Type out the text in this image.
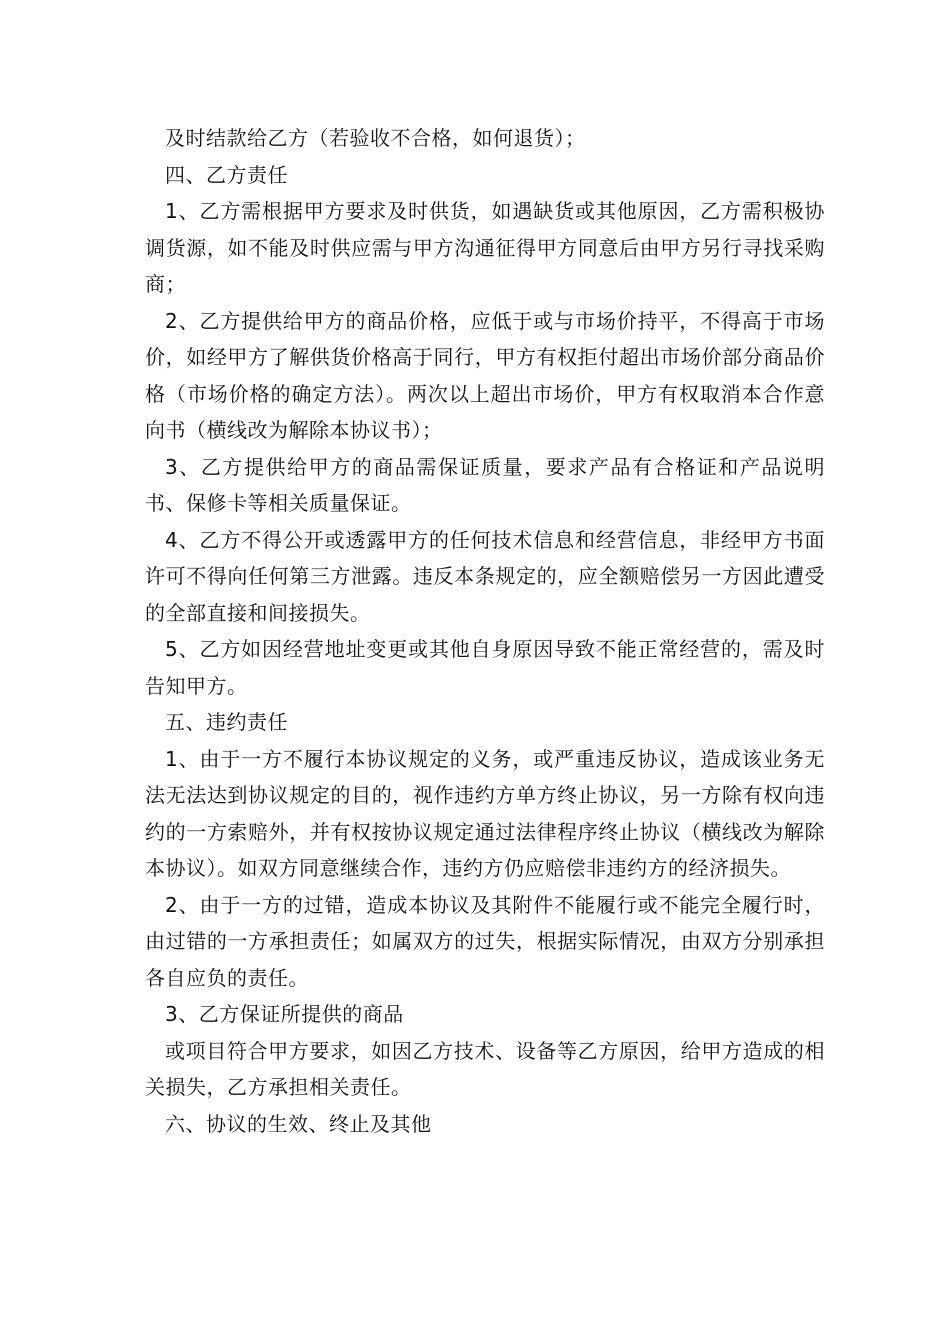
及时结款给乙方（若验收不合格，如何退货）；

四、乙方责任

1、乙方需根据甲方要求及时供货，如遇缺货或其他原因，乙方需积极协调货源，如不能及时供应需与甲方沟通征得甲方同意后由甲方另行寻找采购商；

2、乙方提供给甲方的商品价格，应低于或与市场价持平，不得高于市场价，如经甲方了解供货价格高于同行，甲方有权拒付超出市场价部分商品价格（市场价格的确定方法）。两次以上超出市场价，甲方有权取消本合作意向书（横线改为解除本协议书）；

3、乙方提供给甲方的商品需保证质量，要求产品有合格证和产品说明书、保修卡等相关质量保证。

4、乙方不得公开或透露甲方的任何技术信息和经营信息，非经甲方书面许可不得向任何第三方泄露。违反本条规定的，应全额赔偿另一方因此遭受的全部直接和间接损失。

5、乙方如因经营地址变更或其他自身原因导致不能正常经营的，需及时告知甲方。

五、违约责任

1、由于一方不履行本协议规定的义务，或严重违反协议，造成该业务无法无法达到协议规定的目的，视作违约方单方终止协议，另一方除有权向违约的一方索赔外，并有权按协议规定通过法律程序终止协议（横线改为解除本协议）。如双方同意继续合作，违约方仍应赔偿非违约方的经济损失。

2、由于一方的过错，造成本协议及其附件不能履行或不能完全履行时，由过错的一方承担责任；如属双方的过失，根据实际情况，由双方分别承担各自应负的责任。

3、乙方保证所提供的商品

或项目符合甲方要求，如因乙方技术、设备等乙方原因，给甲方造成的相关损失，乙方承担相关责任。

六、协议的生效、终止及其他
